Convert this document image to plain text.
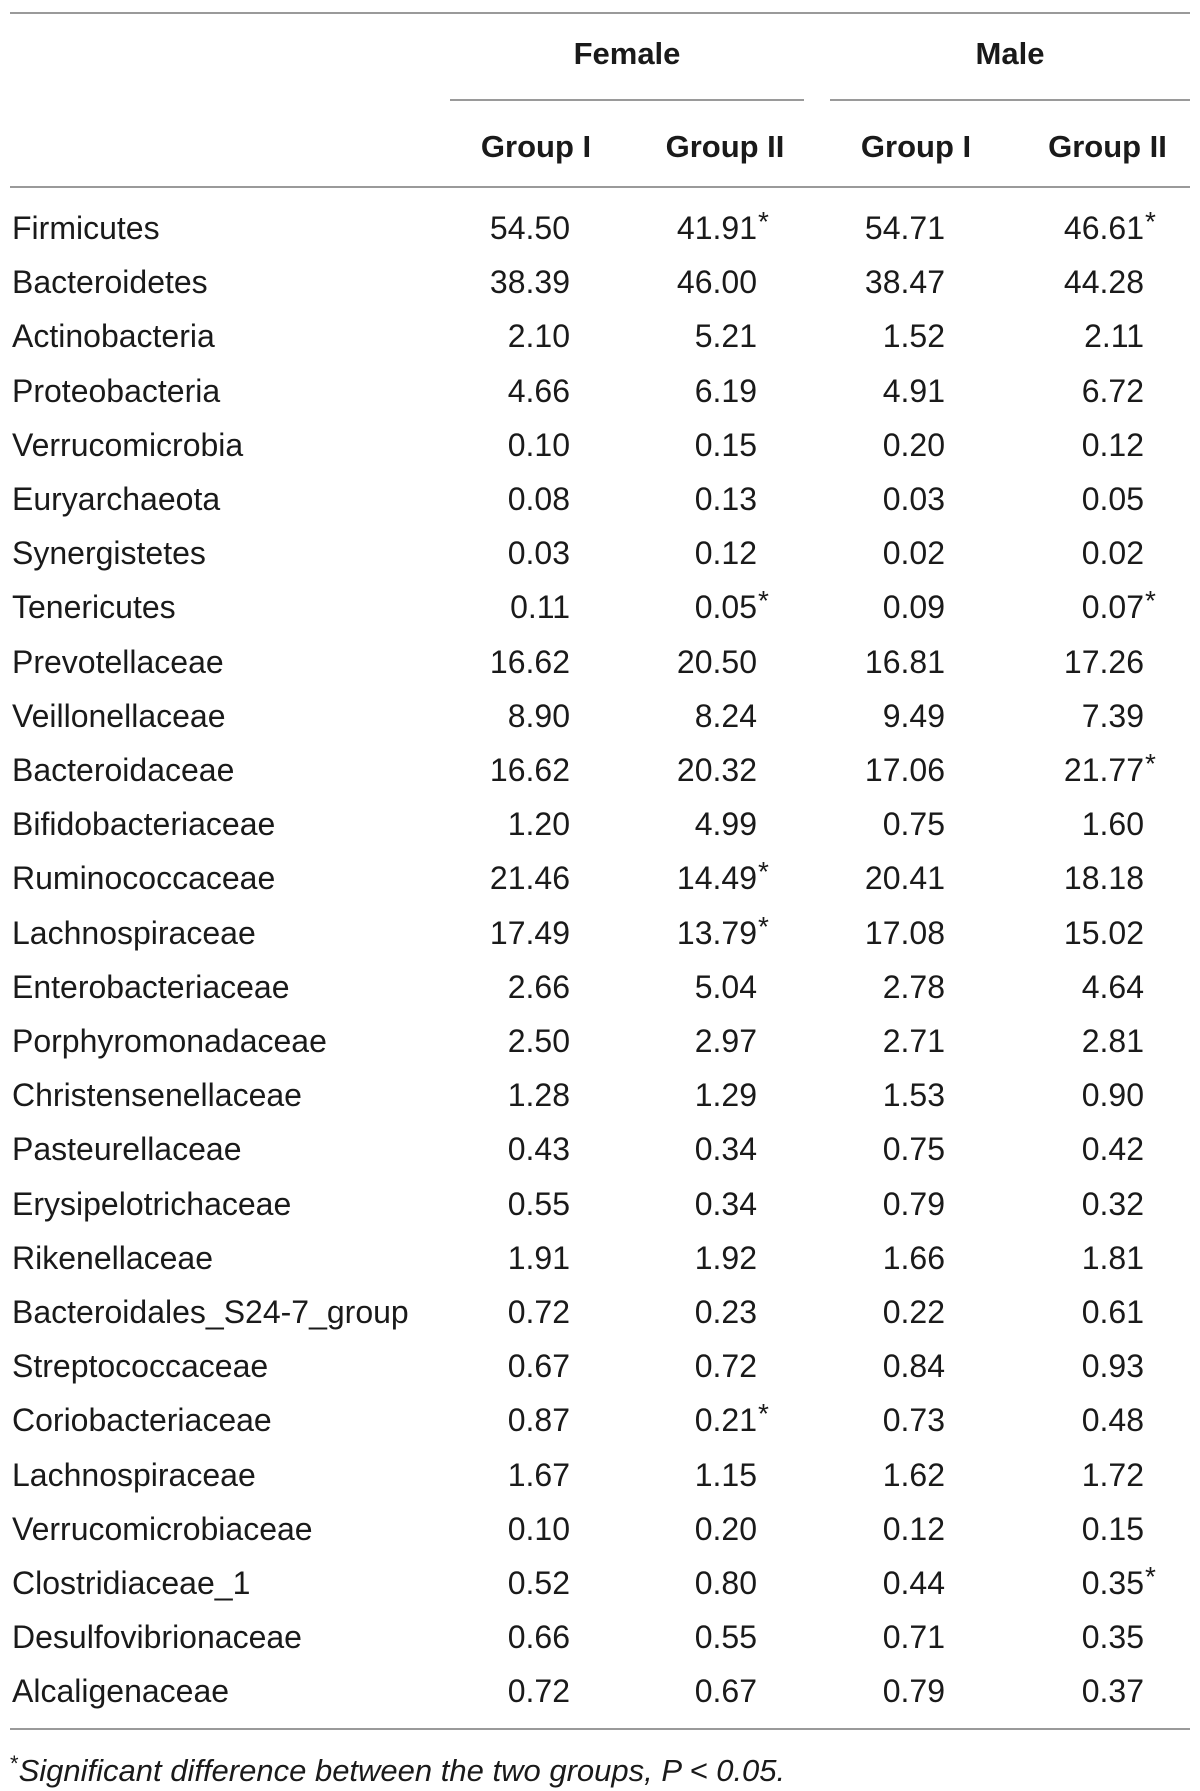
Female	Male
Group I	Group II	Group I	Group II
Firmicutes	54.50	41.91 *	54.71	46.61 *
Bacteroidetes	38.39	46.00	38.47	44.28
Actinobacteria	2.10	5.21	1.52	2.11
Proteobacteria	4.66	6.19	4.91	6.72
Verrucomicrobia	0.10	0.15	0.20	0.12
Euryarchaeota	0.08	0.13	0.03	0.05
Synergistetes	0.03	0.12	0.02	0.02
Tenericutes	0.11	0.05 *	0.09	0.07 *
Prevotellaceae	16.62	20.50	16.81	17.26
Veillonellaceae	8.90	8.24	9.49	7.39
Bacteroidaceae	16.62	20.32	17.06	21.77 *
Bifidobacteriaceae	1.20	4.99	0.75	1.60
Ruminococcaceae	21.46	14.49 *	20.41	18.18
Lachnospiraceae	17.49	13.79 *	17.08	15.02
Enterobacteriaceae	2.66	5.04	2.78	4.64
Porphyromonadaceae	2.50	2.97	2.71	2.81
Christensenellaceae	1.28	1.29	1.53	0.90
Pasteurellaceae	0.43	0.34	0.75	0.42
Erysipelotrichaceae	0.55	0.34	0.79	0.32
Rikenellaceae	1.91	1.92	1.66	1.81
Bacteroidales_S24-7_group	0.72	0.23	0.22	0.61
Streptococcaceae	0.67	0.72	0.84	0.93
Coriobacteriaceae	0.87	0.21 *	0.73	0.48
Lachnospiraceae	1.67	1.15	1.62	1.72
Verrucomicrobiaceae	0.10	0.20	0.12	0.15
Clostridiaceae_1	0.52	0.80	0.44	0.35 *
Desulfovibrionaceae	0.66	0.55	0.71	0.35
Alcaligenaceae	0.72	0.67	0.79	0.37
*Significant difference between the two groups, P < 0.05.
